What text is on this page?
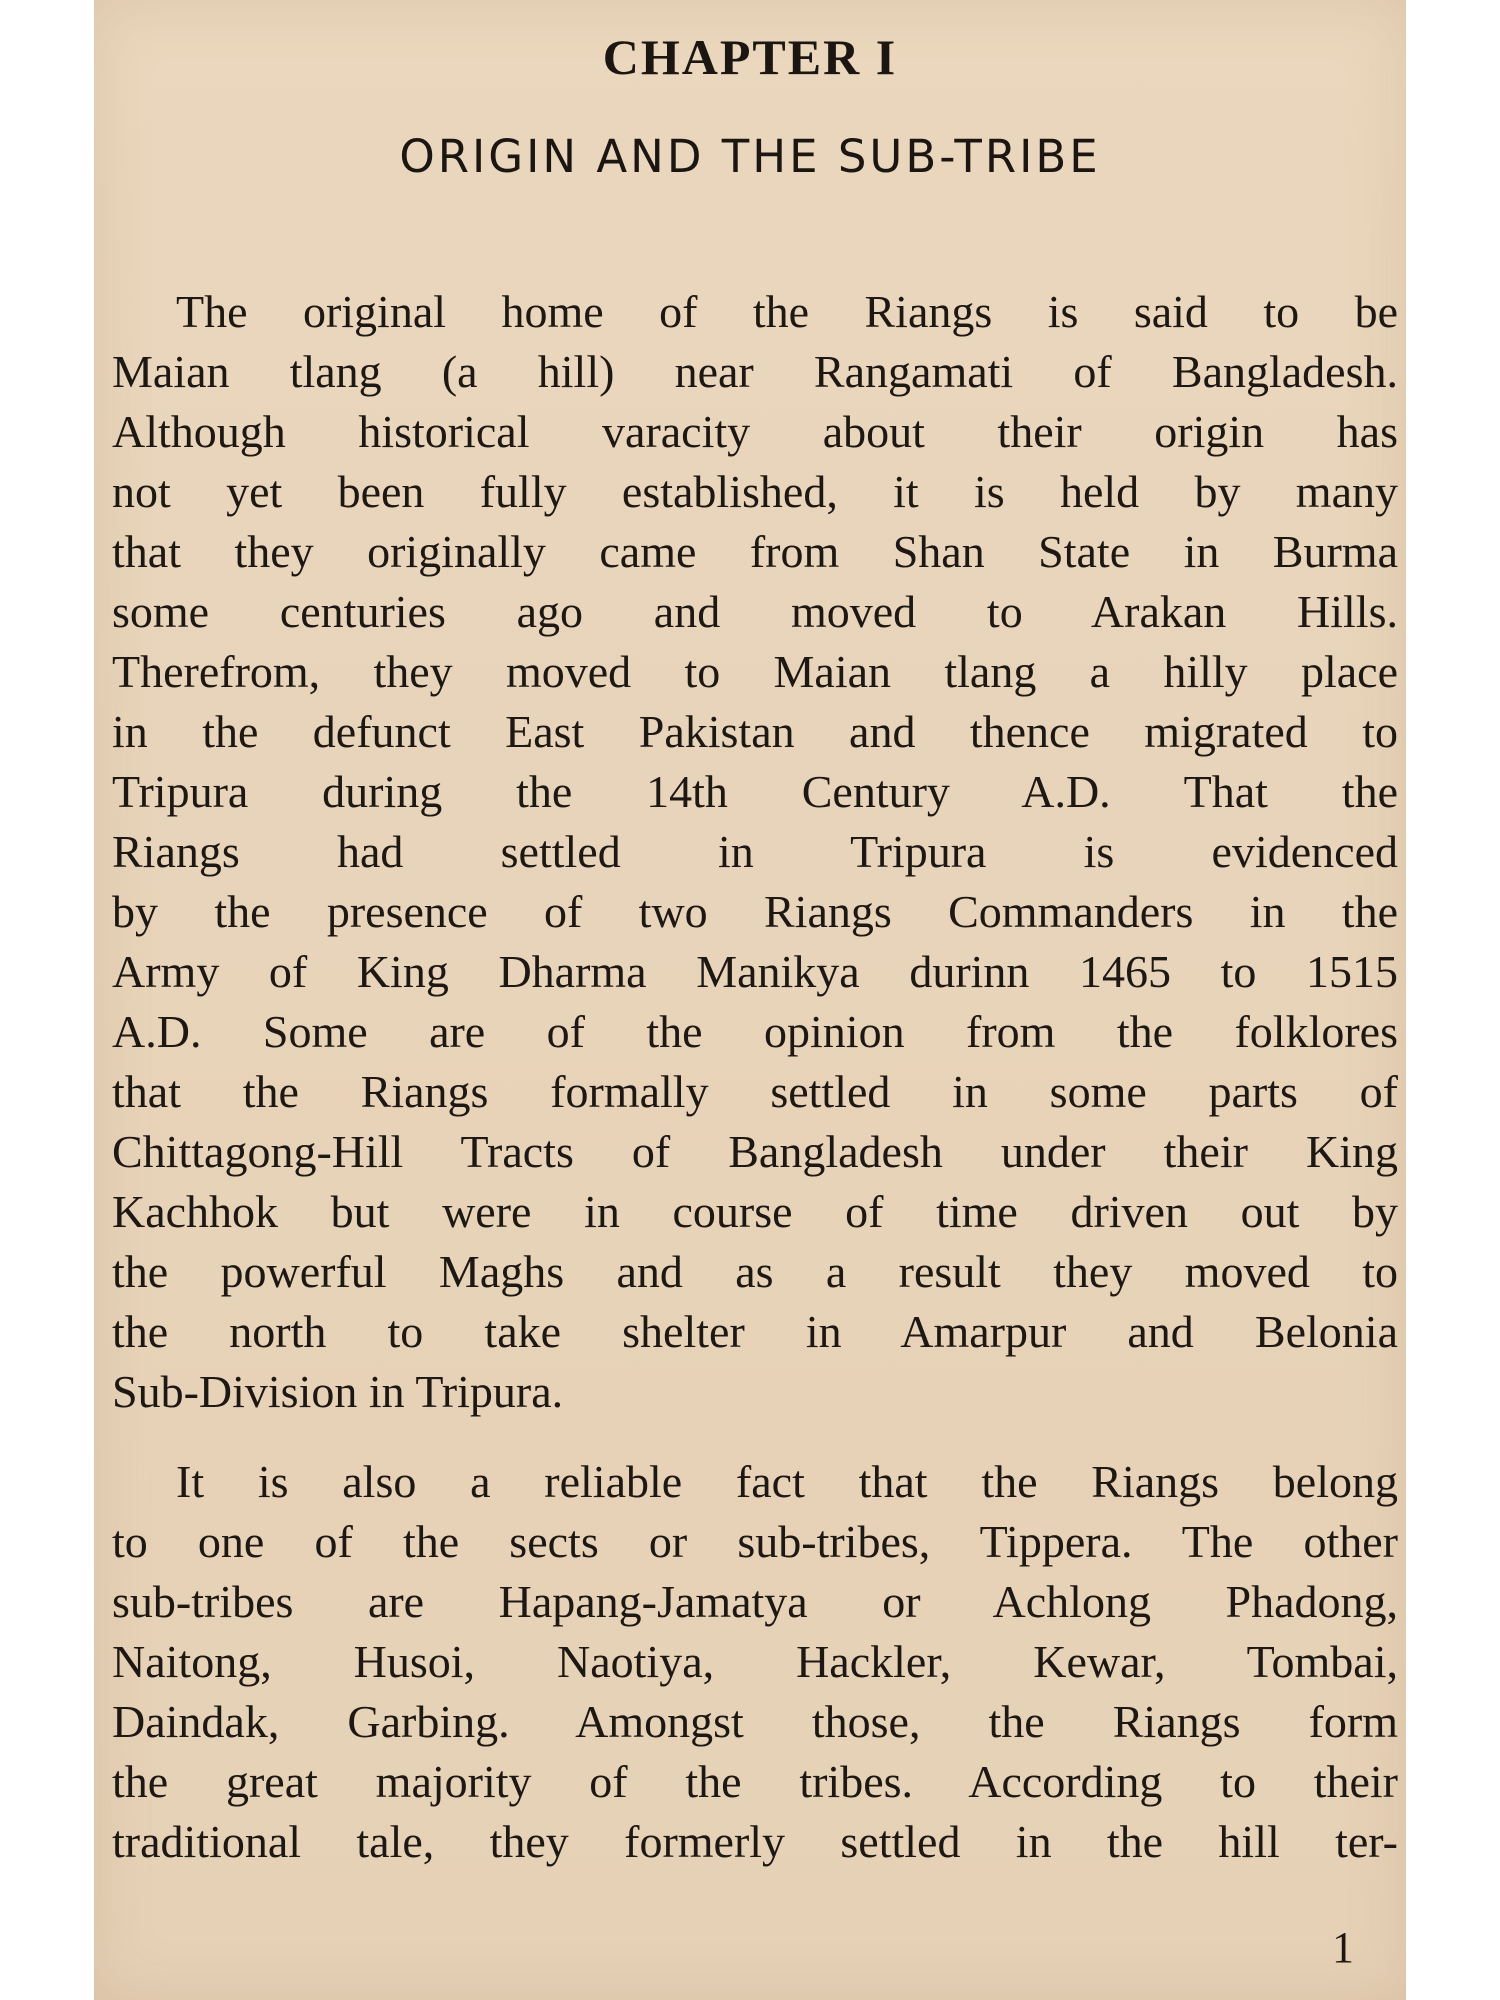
CHAPTER I
ORIGIN AND THE SUB-TRIBE
The original home of the Riangs is said to be
Maian tlang (a hill) near Rangamati of Bangladesh.
Although historical varacity about their origin has
not yet been fully established, it is held by many
that they originally came from Shan State in Burma
some centuries ago and moved to Arakan Hills.
Therefrom, they moved to Maian tlang a hilly place
in the defunct East Pakistan and thence migrated to
Tripura during the 14th Century A.D. That the
Riangs had settled in Tripura is evidenced
by the presence of two Riangs Commanders in the
Army of King Dharma Manikya durinn 1465 to 1515
A.D. Some are of the opinion from the folklores
that the Riangs formally settled in some parts of
Chittagong-Hill Tracts of Bangladesh under their King
Kachhok but were in course of time driven out by
the powerful Maghs and as a result they moved to
the north to take shelter in Amarpur and Belonia
Sub-Division in Tripura.
It is also a reliable fact that the Riangs belong
to one of the sects or sub-tribes, Tippera. The other
sub-tribes are Hapang-Jamatya or Achlong Phadong,
Naitong, Husoi, Naotiya, Hackler, Kewar, Tombai,
Daindak, Garbing. Amongst those, the Riangs form
the great majority of the tribes. According to their
traditional tale, they formerly settled in the hill ter-
1
